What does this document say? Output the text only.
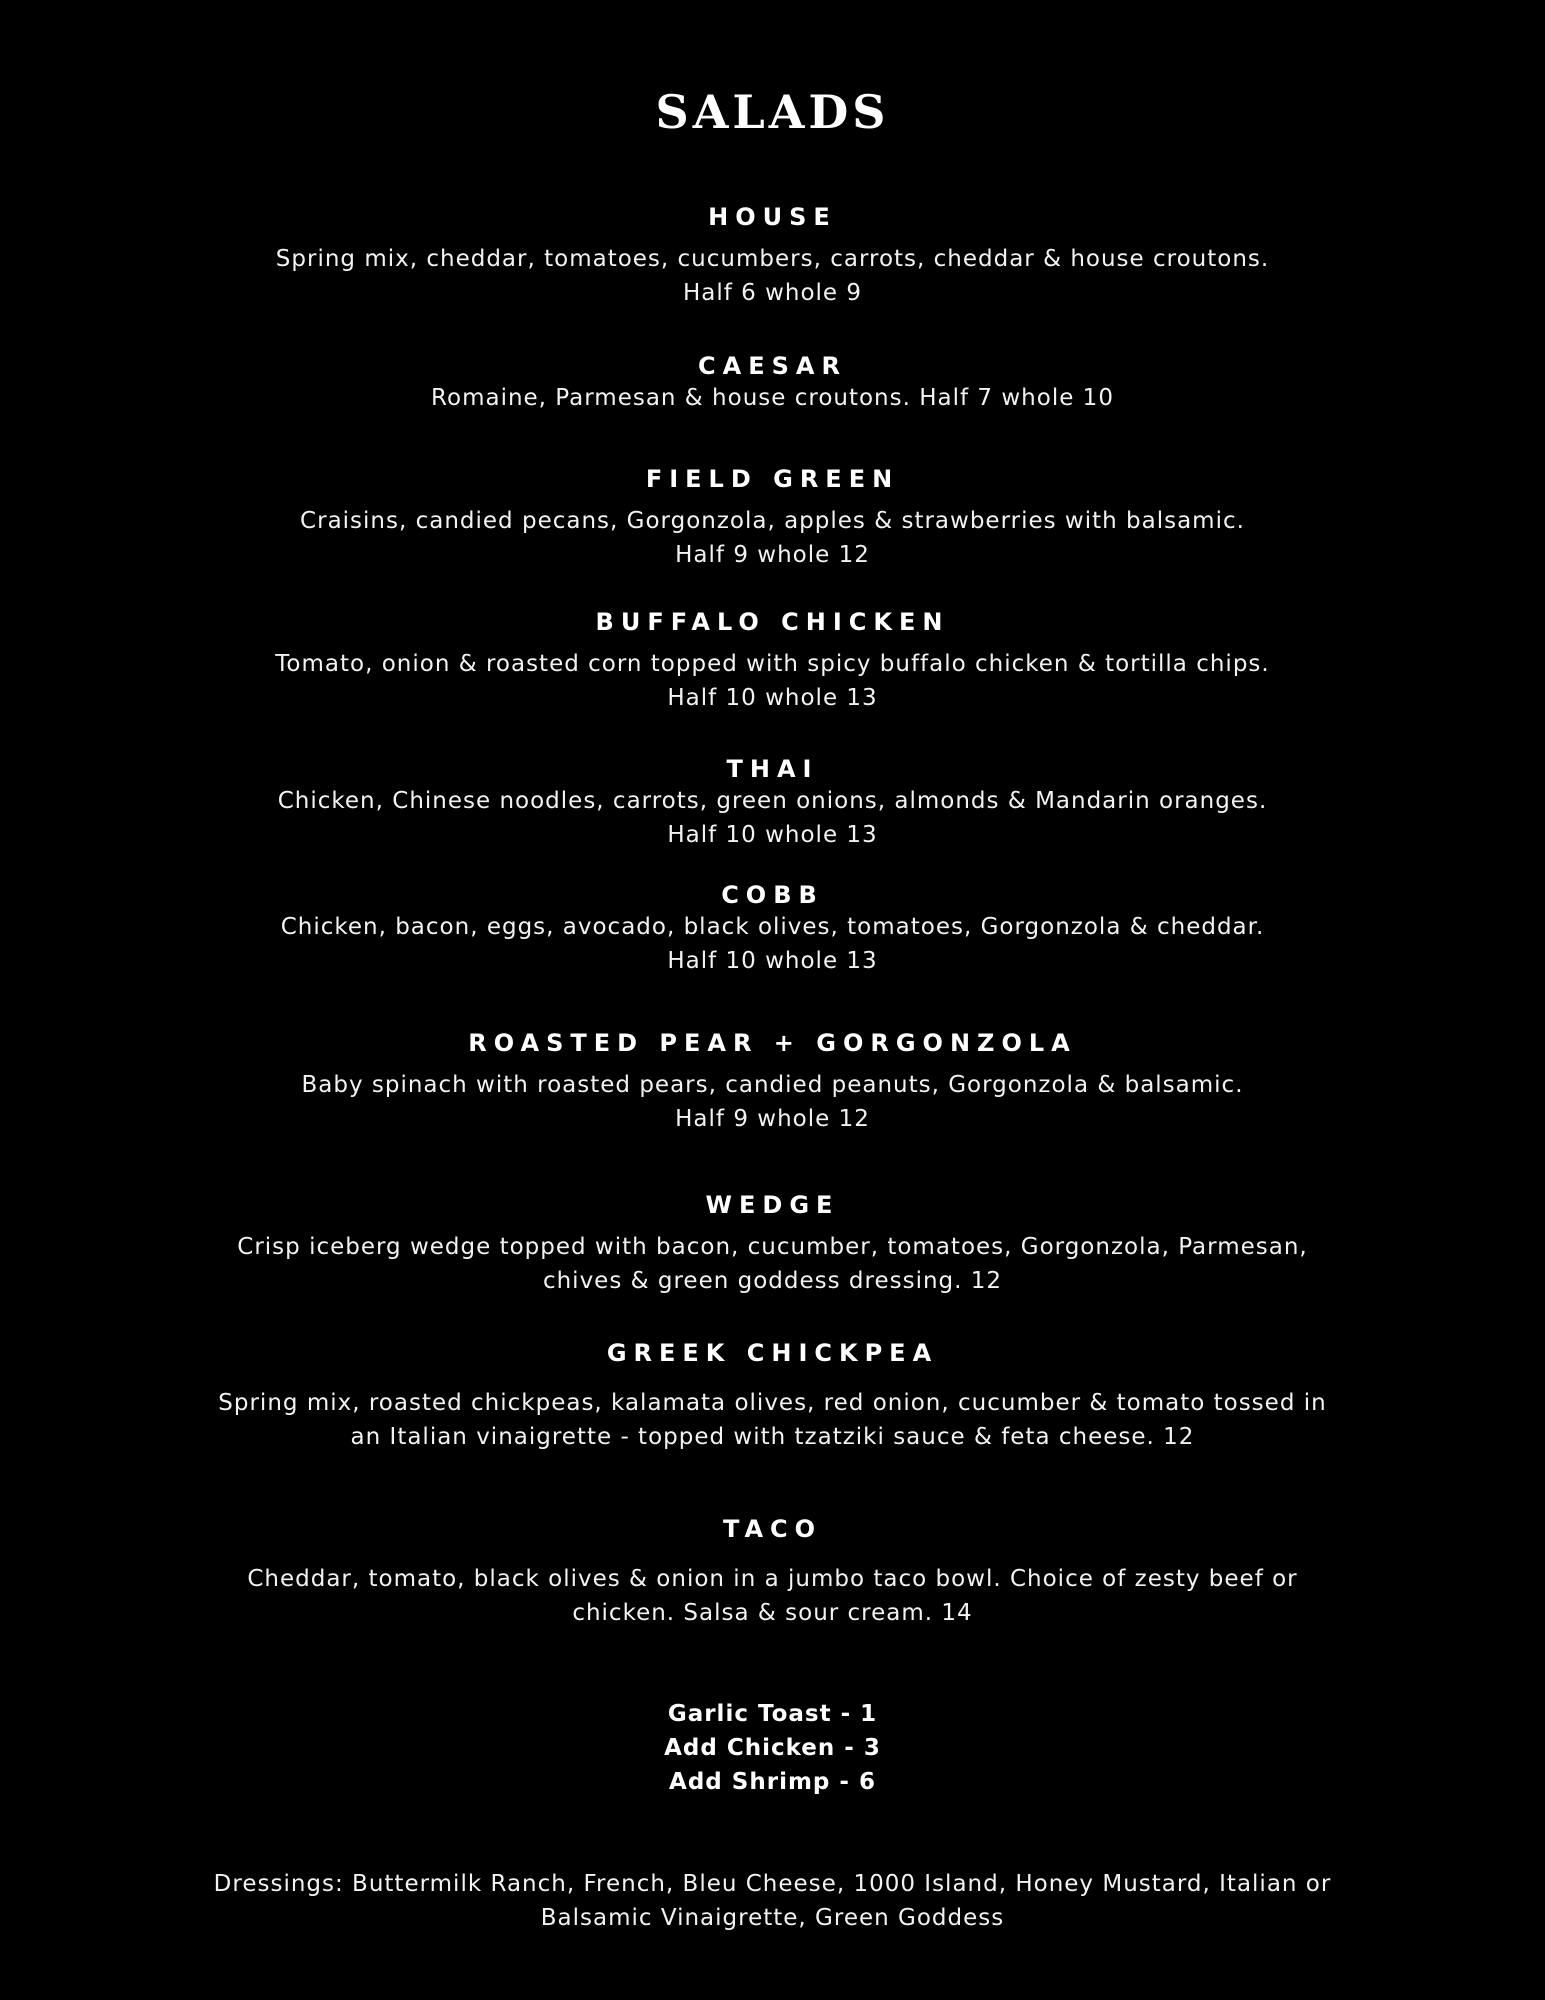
SALADS
HOUSE
Spring mix, cheddar, tomatoes, cucumbers, carrots, cheddar & house croutons.
Half 6 whole 9
CAESAR
Romaine, Parmesan & house croutons. Half 7 whole 10
FIELD GREEN
Craisins, candied pecans, Gorgonzola, apples & strawberries with balsamic.
Half 9 whole 12
BUFFALO CHICKEN
Tomato, onion & roasted corn topped with spicy buffalo chicken & tortilla chips.
Half 10 whole 13
THAI
Chicken, Chinese noodles, carrots, green onions, almonds & Mandarin oranges.
Half 10 whole 13
COBB
Chicken, bacon, eggs, avocado, black olives, tomatoes, Gorgonzola & cheddar.
Half 10 whole 13
ROASTED PEAR + GORGONZOLA
Baby spinach with roasted pears, candied peanuts, Gorgonzola & balsamic.
Half 9 whole 12
WEDGE
Crisp iceberg wedge topped with bacon, cucumber, tomatoes, Gorgonzola, Parmesan,
chives & green goddess dressing. 12
GREEK CHICKPEA
Spring mix, roasted chickpeas, kalamata olives, red onion, cucumber & tomato tossed in
an Italian vinaigrette - topped with tzatziki sauce & feta cheese. 12
TACO
Cheddar, tomato, black olives & onion in a jumbo taco bowl. Choice of zesty beef or
chicken. Salsa & sour cream. 14
Garlic Toast - 1
Add Chicken - 3
Add Shrimp - 6
Dressings: Buttermilk Ranch, French, Bleu Cheese, 1000 Island, Honey Mustard, Italian or
Balsamic Vinaigrette, Green Goddess
